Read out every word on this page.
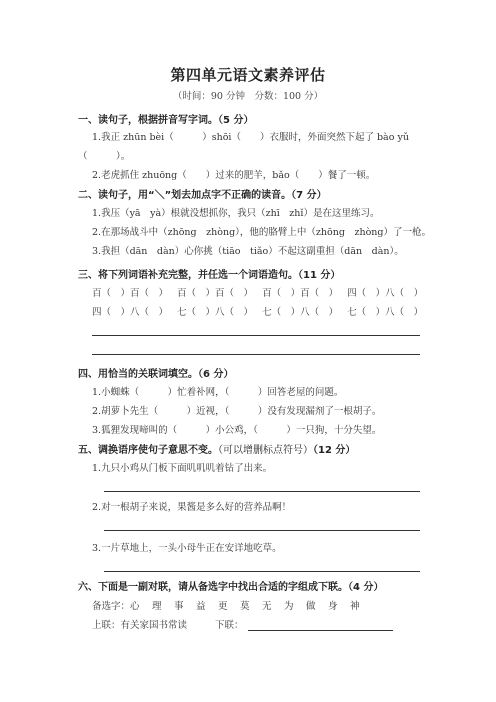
第四单元语文素养评估
（时间：90 分钟　分数：100 分）
一、读句子，根据拼音写字词。（5 分）
1.我正 zhūn bèi（　　　）shōi（　　）衣服时，外面突然下起了 bào yǔ
（　　　）。
2.老虎抓住 zhuōng（　　）过来的肥羊，bǎo（　　）餐了一顿。
二、读句子，用“＼”划去加点字不正确的读音。（7 分）
1.我压（yā　yà）根就没想抓你，我只（zhī　zhǐ）是在这里练习。
2.在那场战斗中（zhōng　zhòng），他的胳臂上中（zhōng　zhòng）了一枪。
3.我担（dān　dàn）心你挑（tiāo　tiǎo）不起这副重担（dān　dàn）。
三、将下列词语补充完整，并任选一个词语造句。（11 分）
百（　）百（　） 百（　）百（　） 百（　）百（　） 四（　）八（　）
四（　）八（　） 七（　）八（　） 七（　）八（　） 七（　）八（　）
四、用恰当的关联词填空。（6 分）
1.小蜘蛛（　　　）忙着补网，（　　　）回答老屋的问题。
2.胡萝卜先生（　　　）近视，（　　　）没有发现漏剂了一根胡子。
3.狐狸发现啼叫的（　　　）小公鸡，（　　　）一只狗，十分失望。
五、调换语序使句子意思不变。（可以增删标点符号）（12 分）
1.九只小鸡从门板下面叽叽叽着钻了出来。
2.对一根胡子来说，果酱是多么好的营养品啊！
3.一片草地上，一头小母牛正在安详地吃草。
六、下面是一副对联，请从备选字中找出合适的字组成下联。（4 分）
备选字：心 理 事 益 更 莫 无 为 做 身 神
上联：有关家国书常读	下联：
